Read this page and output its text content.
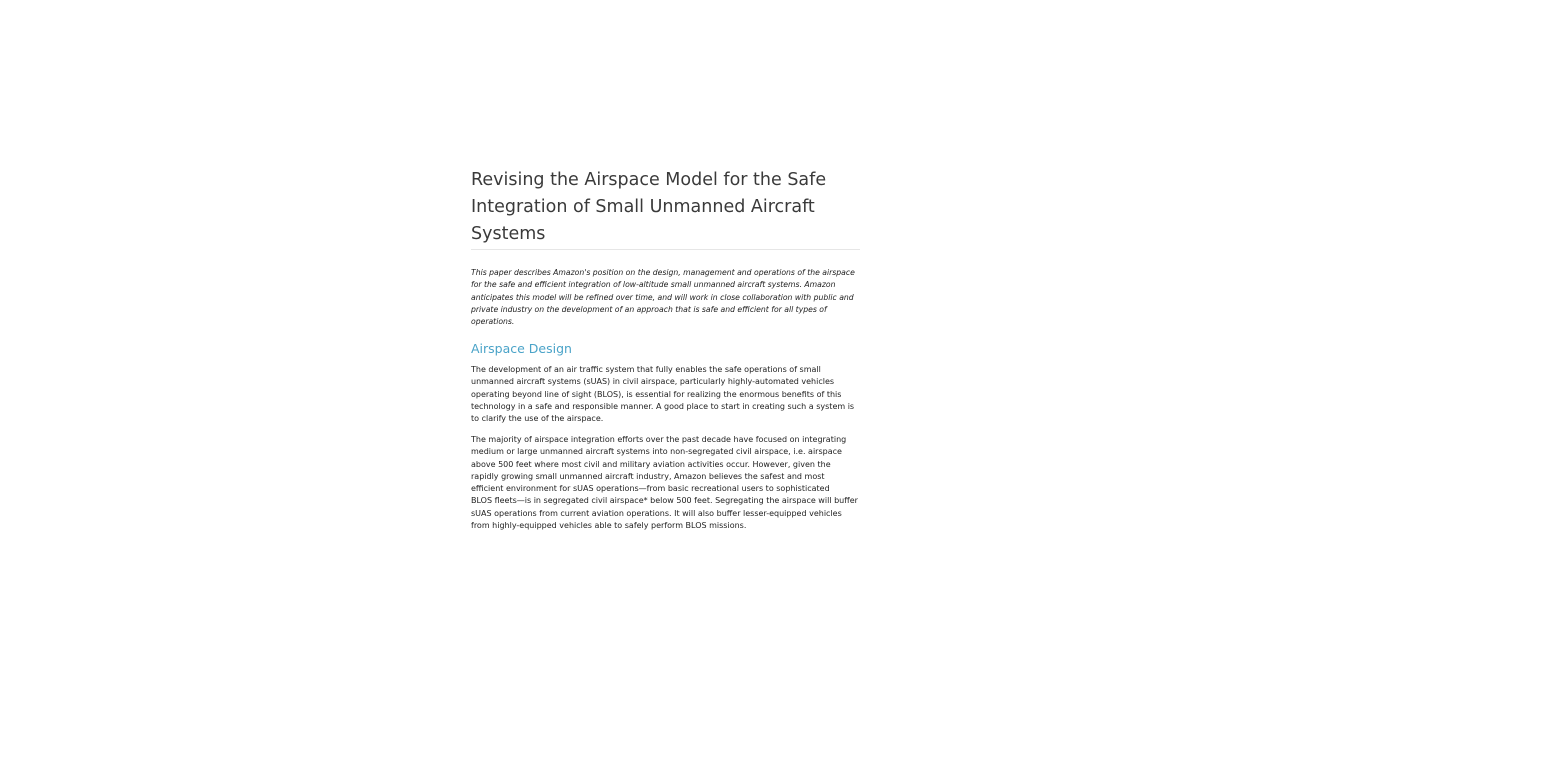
Revising the Airspace Model for the Safe
Integration of Small Unmanned Aircraft
Systems
This paper describes Amazon's position on the design, management and operations of the airspace
for the safe and efficient integration of low-altitude small unmanned aircraft systems. Amazon
anticipates this model will be refined over time, and will work in close collaboration with public and
private industry on the development of an approach that is safe and efficient for all types of
operations.
Airspace Design
The development of an air traffic system that fully enables the safe operations of small
unmanned aircraft systems (sUAS) in civil airspace, particularly highly-automated vehicles
operating beyond line of sight (BLOS), is essential for realizing the enormous benefits of this
technology in a safe and responsible manner. A good place to start in creating such a system is
to clarify the use of the airspace.
The majority of airspace integration efforts over the past decade have focused on integrating
medium or large unmanned aircraft systems into non-segregated civil airspace, i.e. airspace
above 500 feet where most civil and military aviation activities occur. However, given the
rapidly growing small unmanned aircraft industry, Amazon believes the safest and most
efficient environment for sUAS operations—from basic recreational users to sophisticated
BLOS fleets—is in segregated civil airspace* below 500 feet. Segregating the airspace will buffer
sUAS operations from current aviation operations. It will also buffer lesser-equipped vehicles
from highly-equipped vehicles able to safely perform BLOS missions.
